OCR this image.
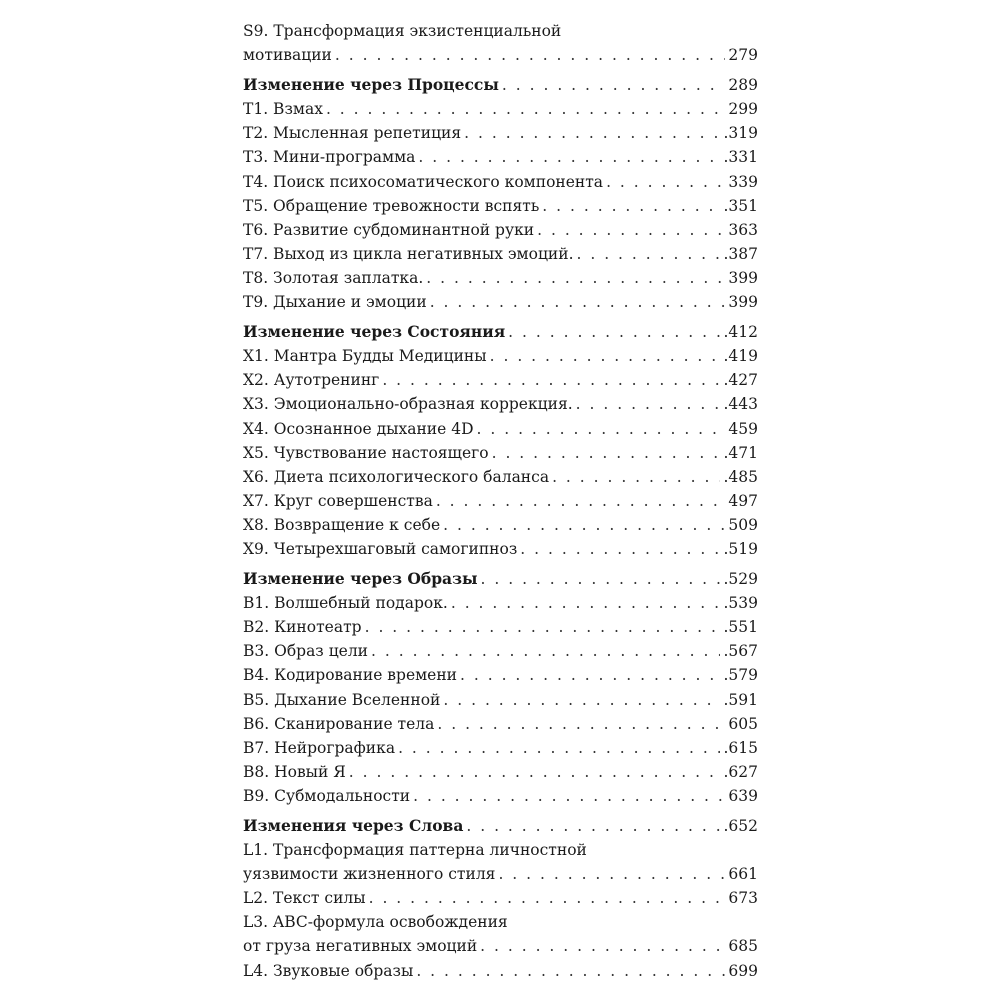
S9. Трансформация экзистенциальной
мотивации . . .	279
Изменение через Процессы . . .	289
T1. Взмах . . .	299
T2. Мысленная репетиция . . .	.319
T3. Мини-программа . . .	.331
T4. Поиск психосоматического компонента . . .	339
T5. Обращение тревожности вспять . . .	.351
T6. Развитие субдоминантной руки . . .	363
T7. Выход из цикла негативных эмоций. . . .	.387
T8. Золотая заплатка. . . .	399
T9. Дыхание и эмоции . . .	399
Изменение через Состояния . . .	.412
X1. Мантра Будды Медицины . . .	.419
X2. Аутотренинг . . .	.427
X3. Эмоционально-образная коррекция. . . .	.443
X4. Осознанное дыхание 4D . . .	459
X5. Чувствование настоящего . . .	.471
X6. Диета психологического баланса . . .	.485
X7. Круг совершенства . . .	497
X8. Возвращение к себе . . .	509
X9. Четырехшаговый самогипноз . . .	.519
Изменение через Образы . . .	.529
B1. Волшебный подарок. . . .	.539
B2. Кинотеатр . . .	.551
B3. Образ цели . . .	.567
B4. Кодирование времени . . .	.579
B5. Дыхание Вселенной . . .	.591
B6. Сканирование тела . . .	605
B7. Нейрографика . . .	.615
B8. Новый Я . . .	.627
B9. Субмодальности . . .	639
Изменения через Слова . . .	.652
L1. Трансформация паттерна личностной
уязвимости жизненного стиля . . .	661
L2. Текст силы . . .	673
L3. ABC-формула освобождения
от груза негативных эмоций . . .	685
L4. Звуковые образы . . .	699
